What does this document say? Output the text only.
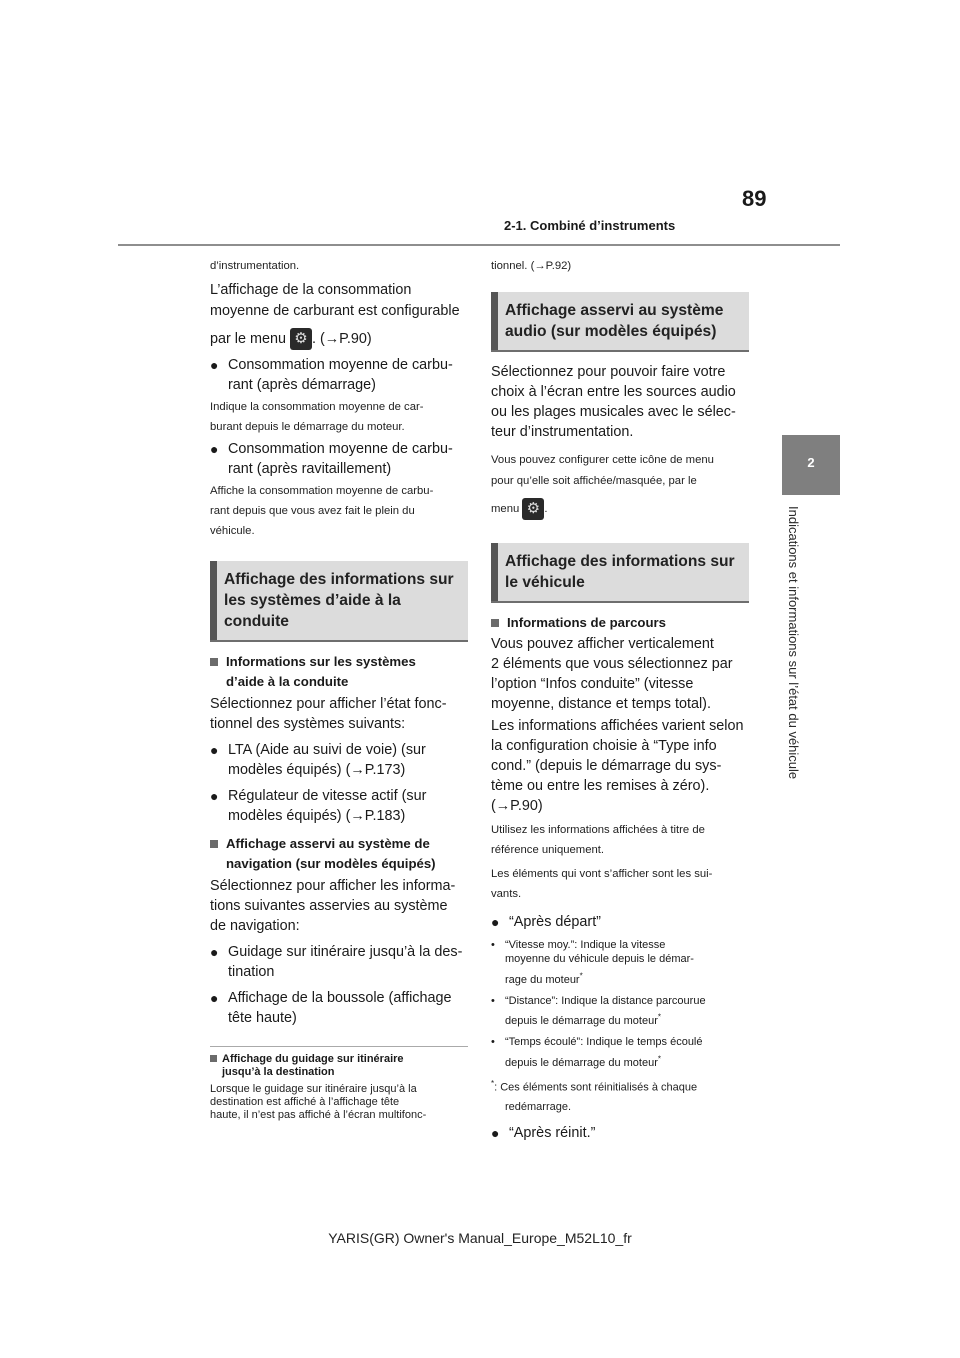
89
2-1. Combiné d’instruments
2
Indications et informations sur l’état du véhicule

d’instrumentation.

L’affichage de la consommation

moyenne de carburant est configurable

par le menu ⚙ . (→P.90)

● Consommation moyenne de carbu-
rant (après démarrage)

Indique la consommation moyenne de car-

burant depuis le démarrage du moteur.

● Consommation moyenne de carbu-
rant (après ravitaillement)

Affiche la consommation moyenne de carbu-

rant depuis que vous avez fait le plein du

véhicule.

Affichage des informations sur
les systèmes d’aide à la
conduite
Informations sur les systèmes
d’aide à la conduite

Sélectionnez pour afficher l’état fonc-

tionnel des systèmes suivants:

● LTA (Aide au suivi de voie) (sur
modèles équipés) (→P.173)
● Régulateur de vitesse actif (sur
modèles équipés) (→P.183)
Affichage asservi au système de
navigation (sur modèles équipés)

Sélectionnez pour afficher les informa-

tions suivantes asservies au système

de navigation:

● Guidage sur itinéraire jusqu’à la des-
tination
● Affichage de la boussole (affichage
tête haute)
Affichage du guidage sur itinéraire
jusqu’à la destination

Lorsque le guidage sur itinéraire jusqu’à la

destination est affiché à l’affichage tête

haute, il n’est pas affiché à l’écran multifonc-

tionnel. (→P.92)

Affichage asservi au système
audio (sur modèles équipés)

Sélectionnez pour pouvoir faire votre

choix à l’écran entre les sources audio

ou les plages musicales avec le sélec-

teur d’instrumentation.

Vous pouvez configurer cette icône de menu

pour qu’elle soit affichée/masquée, par le

menu ⚙ .

Affichage des informations sur
le véhicule
Informations de parcours

Vous pouvez afficher verticalement

2 éléments que vous sélectionnez par

l’option “Infos conduite” (vitesse

moyenne, distance et temps total).

Les informations affichées varient selon

la configuration choisie à “Type info

cond.” (depuis le démarrage du sys-

tème ou entre les remises à zéro).

(→P.90)

Utilisez les informations affichées à titre de

référence uniquement.

Les éléments qui vont s’afficher sont les sui-

vants.

● “Après départ”
• “Vitesse moy.”: Indique la vitesse
moyenne du véhicule depuis le démar-
rage du moteur*
• “Distance”: Indique la distance parcourue
depuis le démarrage du moteur*
• “Temps écoulé”: Indique le temps écoulé
depuis le démarrage du moteur*

*: Ces éléments sont réinitialisés à chaque

redémarrage.

● “Après réinit.”
YARIS(GR) Owner's Manual_Europe_M52L10_fr
